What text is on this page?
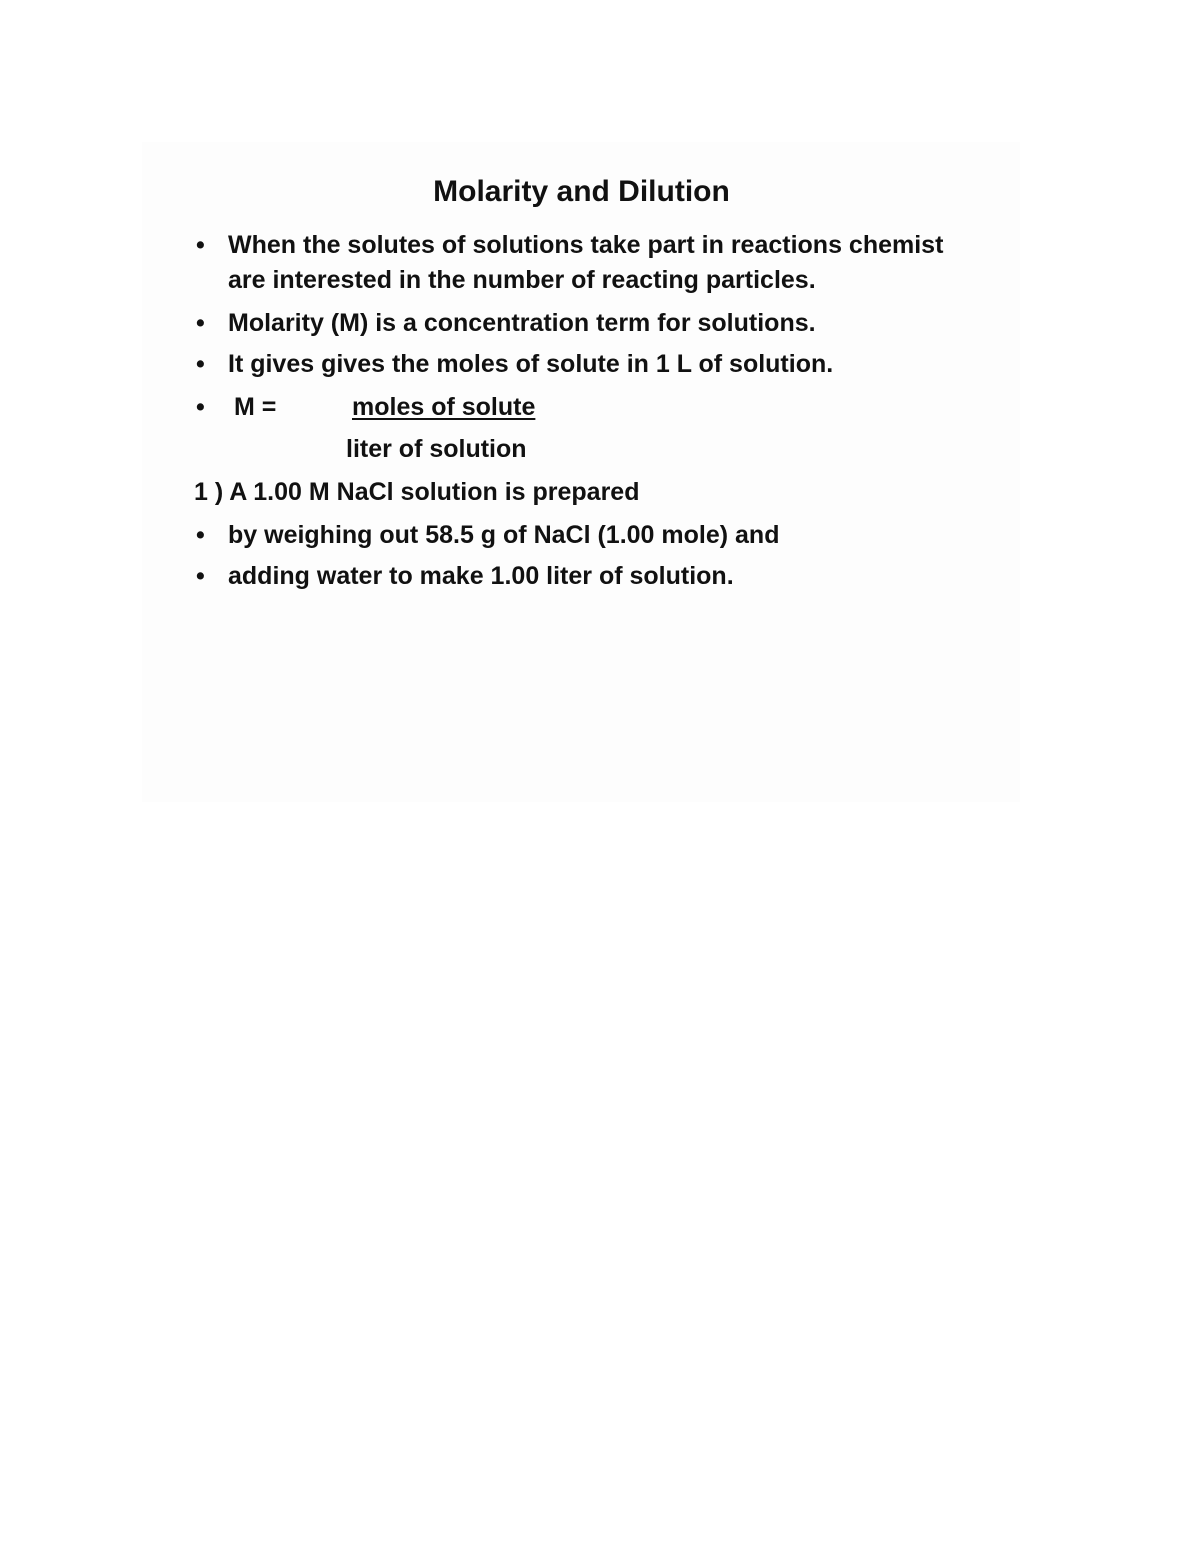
Molarity and Dilution
• When the solutes of solutions take part in reactions chemist
are interested in the number of reacting particles.
• Molarity (M) is a concentration term for solutions.
• It gives gives the moles of solute in 1 L of solution.
• M =	moles of solute
liter of solution
1 ) A 1.00 M NaCl solution is prepared
• by weighing out 58.5 g of NaCl (1.00 mole) and
• adding water to make 1.00 liter of solution.
